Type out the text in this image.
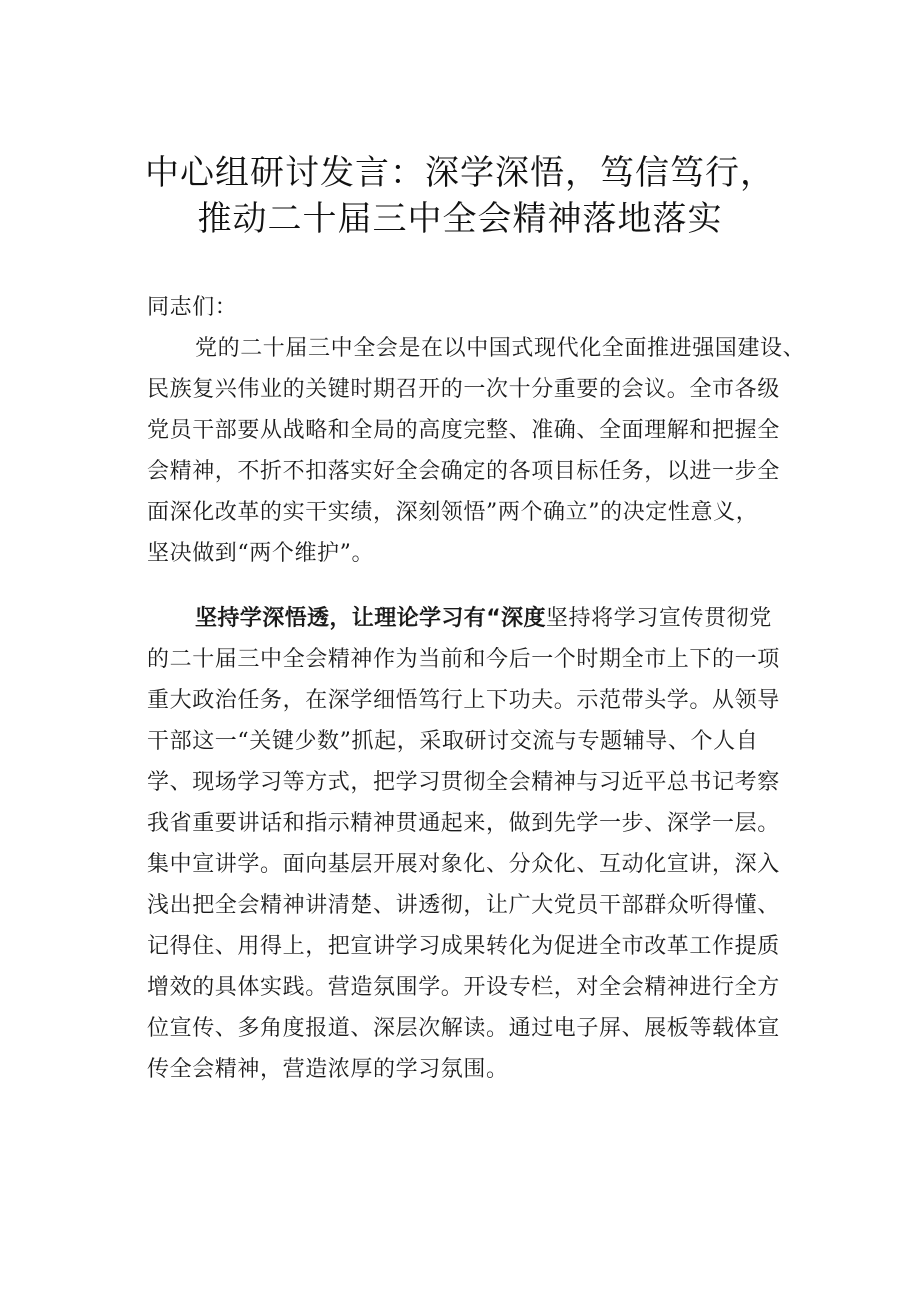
中心组研讨发言：深学深悟，笃信笃行，
推动二十届三中全会精神落地落实
同志们：
党的二十届三中全会是在以中国式现代化全面推进强国建设、
民族复兴伟业的关键时期召开的一次十分重要的会议。全市各级
党员干部要从战略和全局的高度完整、准确、全面理解和把握全
会精神，不折不扣落实好全会确定的各项目标任务，以进一步全
面深化改革的实干实绩，深刻领悟”两个确立”的决定性意义，
坚决做到“两个维护”。
坚持学深悟透，让理论学习有“深度坚持将学习宣传贯彻党
的二十届三中全会精神作为当前和今后一个时期全市上下的一项
重大政治任务，在深学细悟笃行上下功夫。示范带头学。从领导
干部这一“关键少数”抓起，采取研讨交流与专题辅导、个人自
学、现场学习等方式，把学习贯彻全会精神与习近平总书记考察
我省重要讲话和指示精神贯通起来，做到先学一步、深学一层。
集中宣讲学。面向基层开展对象化、分众化、互动化宣讲，深入
浅出把全会精神讲清楚、讲透彻，让广大党员干部群众听得懂、
记得住、用得上，把宣讲学习成果转化为促进全市改革工作提质
增效的具体实践。营造氛围学。开设专栏，对全会精神进行全方
位宣传、多角度报道、深层次解读。通过电子屏、展板等载体宣
传全会精神，营造浓厚的学习氛围。
